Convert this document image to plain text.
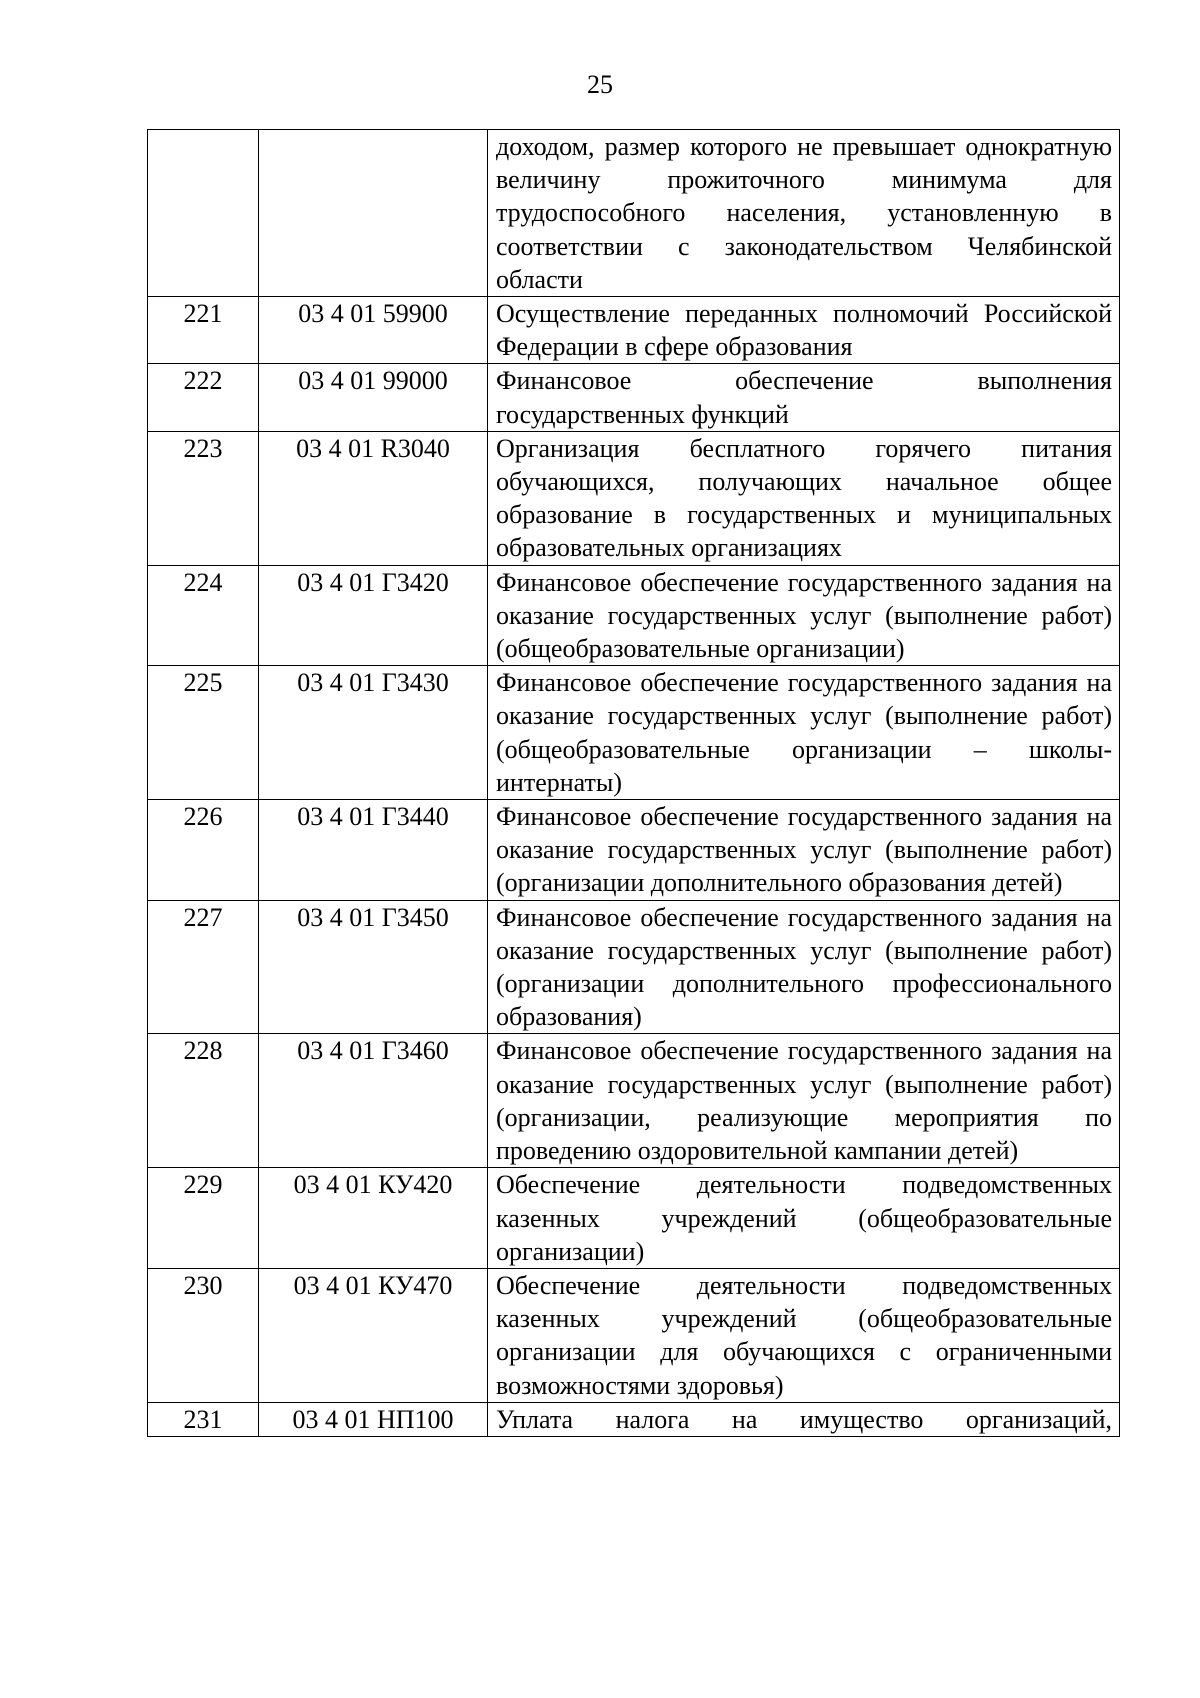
25
		доходом, размер которого не превышает однократную величину прожиточного минимума для трудоспособного населения, установленную в соответствии с законодательством Челябинской области
221	03 4 01 59900	Осуществление переданных полномочий Российской Федерации в сфере образования
222	03 4 01 99000	Финансовое обеспечение выполнения государственных функций
223	03 4 01 R3040	Организация бесплатного горячего питания обучающихся, получающих начальное общее образование в государственных и муниципальных образовательных организациях
224	03 4 01 Г3420	Финансовое обеспечение государственного задания на оказание государственных услуг (выполнение работ) (общеобразовательные организации)
225	03 4 01 Г3430	Финансовое обеспечение государственного задания на оказание государственных услуг (выполнение работ) (общеобразовательные организации – школы-интернаты)
226	03 4 01 Г3440	Финансовое обеспечение государственного задания на оказание государственных услуг (выполнение работ) (организации дополнительного образования детей)
227	03 4 01 Г3450	Финансовое обеспечение государственного задания на оказание государственных услуг (выполнение работ) (организации дополнительного профессионального образования)
228	03 4 01 Г3460	Финансовое обеспечение государственного задания на оказание государственных услуг (выполнение работ) (организации, реализующие мероприятия по проведению оздоровительной кампании детей)
229	03 4 01 КУ420	Обеспечение деятельности подведомственных казенных учреждений (общеобразовательные организации)
230	03 4 01 КУ470	Обеспечение деятельности подведомственных казенных учреждений (общеобразовательные организации для обучающихся с ограниченными возможностями здоровья)
231	03 4 01 НП100	Уплата налога на имущество организаций,
